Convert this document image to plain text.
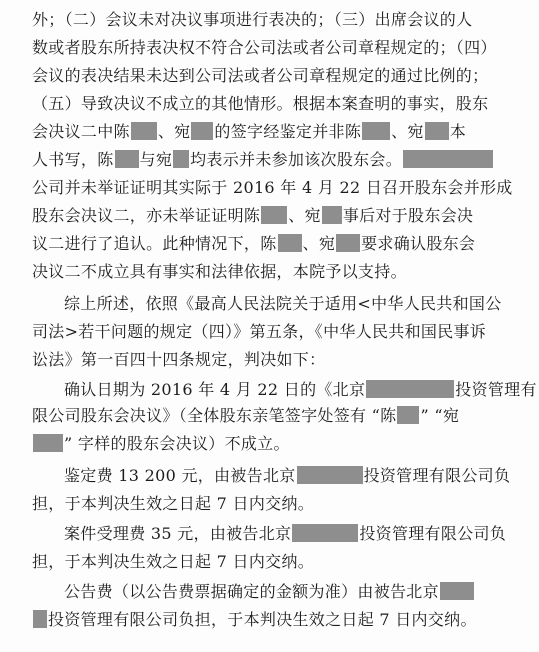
外；（二）会议未对决议事项进行表决的；（三）出席会议的人
数或者股东所持表决权不符合公司法或者公司章程规定的；（四）
会议的表决结果未达到公司法或者公司章程规定的通过比例的；
（五）导致决议不成立的其他情形。根据本案查明的事实，股东
会决议二中陈 、宛 的签字经鉴定并非陈 、宛 本
人书写，陈 与宛 均表示并未参加该次股东会。
公司并未举证证明其实际于 2016 年 4 月 22 日召开股东会并形成
股东会决议二，亦未举证证明陈 、宛 事后对于股东会决
议二进行了追认。此种情况下，陈 、宛 要求确认股东会
决议二不成立具有事实和法律依据，本院予以支持。
综上所述，依照《最高人民法院关于适用<中华人民共和国公
司法>若干问题的规定（四）》第五条，《中华人民共和国民事诉
讼法》第一百四十四条规定，判决如下：
确认日期为 2016 年 4 月 22 日的《北京	投资管理有
限公司股东会决议》（全体股东亲笔签字处签有 “陈 ” “宛
” 字样的股东会决议）不成立。
鉴定费 13 200 元，由被告北京	投资管理有限公司负
担，于本判决生效之日起 7 日内交纳。
案件受理费 35 元，由被告北京	投资管理有限公司负
担，于本判决生效之日起 7 日内交纳。
公告费（以公告费票据确定的金额为准）由被告北京
投资管理有限公司负担，于本判决生效之日起 7 日内交纳。
